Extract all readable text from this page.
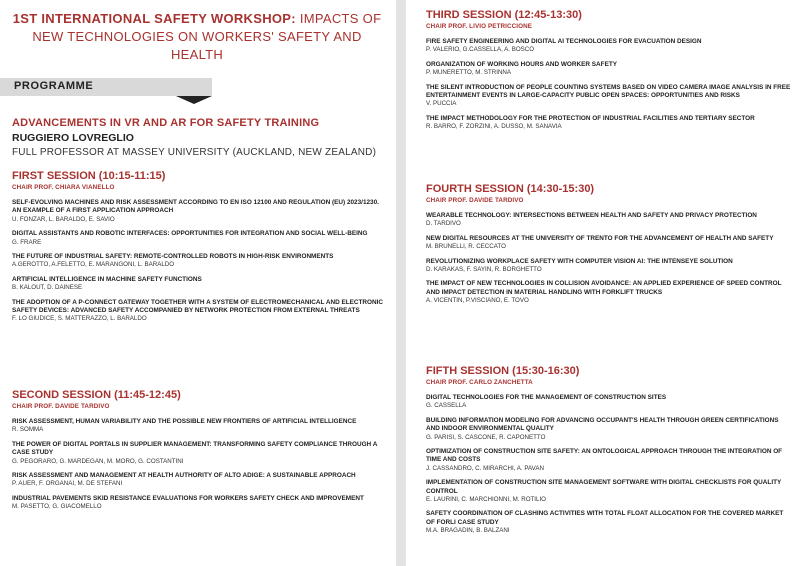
1ST INTERNATIONAL SAFETY WORKSHOP: IMPACTS OF NEW TECHNOLOGIES ON WORKERS' SAFETY AND HEALTH
PROGRAMME
ADVANCEMENTS IN VR AND AR FOR SAFETY TRAINING
RUGGIERO LOVREGLIO
FULL PROFESSOR AT MASSEY UNIVERSITY (AUCKLAND, NEW ZEALAND)
FIRST SESSION (10:15-11:15)
CHAIR PROF. CHIARA VIANELLO
SELF-EVOLVING MACHINES AND RISK ASSESSMENT ACCORDING TO EN ISO 12100 AND REGULATION (EU) 2023/1230. AN EXAMPLE OF A FIRST APPLICATION APPROACH
U. FONZAR, L. BARALDO, E. SAVIO
DIGITAL ASSISTANTS AND ROBOTIC INTERFACES: OPPORTUNITIES FOR INTEGRATION AND SOCIAL WELL-BEING
G. FRARE
THE FUTURE OF INDUSTRIAL SAFETY: REMOTE-CONTROLLED ROBOTS IN HIGH-RISK ENVIRONMENTS
A.GEROTTO, A.FELETTO, E. MARANGONI, L. BARALDO
ARTIFICIAL INTELLIGENCE IN MACHINE SAFETY FUNCTIONS
B. KALOUT, D. DAINESE
THE ADOPTION OF A P-CONNECT GATEWAY TOGETHER WITH A SYSTEM OF ELECTROMECHANICAL AND ELECTRONIC SAFETY DEVICES: ADVANCED SAFETY ACCOMPANIED BY NETWORK PROTECTION FROM EXTERNAL THREATS
F. LO GIUDICE, S. MATTERAZZO, L. BARALDO
SECOND SESSION (11:45-12:45)
CHAIR PROF. DAVIDE TARDIVO
RISK ASSESSMENT, HUMAN VARIABILITY AND THE POSSIBLE NEW FRONTIERS OF ARTIFICIAL INTELLIGENCE
R. SOMMA
THE POWER OF DIGITAL PORTALS IN SUPPLIER MANAGEMENT: TRANSFORMING SAFETY COMPLIANCE THROUGH A CASE STUDY
G. PEGORARO, G. MARDEGAN, M. MORO, G. COSTANTINI
RISK ASSESSMENT AND MANAGEMENT AT HEALTH AUTHORITY OF ALTO ADIGE: A SUSTAINABLE APPROACH
P. AUER, F. ORGANAI, M. DE STEFANI
INDUSTRIAL PAVEMENTS SKID RESISTANCE EVALUATIONS FOR WORKERS SAFETY CHECK AND IMPROVEMENT
M. PASETTO, G. GIACOMELLO
THIRD SESSION (12:45-13:30)
CHAIR PROF. LIVIO PETRICCIONE
FIRE SAFETY ENGINEERING AND DIGITAL AI TECHNOLOGIES FOR EVACUATION DESIGN
P. VALERIO, G.CASSELLA, A. BOSCO
ORGANIZATION OF WORKING HOURS AND WORKER SAFETY
P. MUNERETTO, M. STRINNA
THE SILENT INTRODUCTION OF PEOPLE COUNTING SYSTEMS BASED ON VIDEO CAMERA IMAGE ANALYSIS IN FREE ENTERTAINMENT EVENTS IN LARGE-CAPACITY PUBLIC OPEN SPACES: OPPORTUNITIES AND RISKS
V. PUCCIA
THE IMPACT METHODOLOGY FOR THE PROTECTION OF INDUSTRIAL FACILITIES AND TERTIARY SECTOR
R. BARRO, F. ZORZINI, A. DUSSO, M. SANAVIA
FOURTH SESSION (14:30-15:30)
CHAIR PROF. DAVIDE TARDIVO
WEARABLE TECHNOLOGY: INTERSECTIONS BETWEEN HEALTH AND SAFETY AND PRIVACY PROTECTION
D. TARDIVO
NEW DIGITAL RESOURCES AT THE UNIVERSITY OF TRENTO FOR THE ADVANCEMENT OF HEALTH AND SAFETY
M. BRUNELLI, R. CECCATO
REVOLUTIONIZING WORKPLACE SAFETY WITH COMPUTER VISION AI: THE INTENSEYE SOLUTION
D. KARAKAS, F. SAYIN, R. BORGHETTO
THE IMPACT OF NEW TECHNOLOGIES IN COLLISION AVOIDANCE: AN APPLIED EXPERIENCE OF SPEED CONTROL AND IMPACT DETECTION IN MATERIAL HANDLING WITH FORKLIFT TRUCKS
A. VICENTIN, P.VISCIANO, E. TOVO
FIFTH SESSION (15:30-16:30)
CHAIR PROF. CARLO ZANCHETTA
DIGITAL TECHNOLOGIES FOR THE MANAGEMENT OF CONSTRUCTION SITES
G. CASSELLA
BUILDING INFORMATION MODELING FOR ADVANCING OCCUPANT'S HEALTH THROUGH GREEN CERTIFICATIONS AND INDOOR ENVIRONMENTAL QUALITY
G. PARISI, S. CASCONE, R. CAPONETTO
OPTIMIZATION OF CONSTRUCTION SITE SAFETY: AN ONTOLOGICAL APPROACH THROUGH THE INTEGRATION OF TIME AND COSTS
J. CASSANDRO, C. MIRARCHI, A. PAVAN
IMPLEMENTATION OF CONSTRUCTION SITE MANAGEMENT SOFTWARE WITH DIGITAL CHECKLISTS FOR QUALITY CONTROL
E. LAURINI, C. MARCHIONNI, M. ROTILIO
SAFETY COORDINATION OF CLASHING ACTIVITIES WITH TOTAL FLOAT ALLOCATION FOR THE COVERED MARKET OF FORLI CASE STUDY
M.A. BRAGADIN, B. BALZANI
